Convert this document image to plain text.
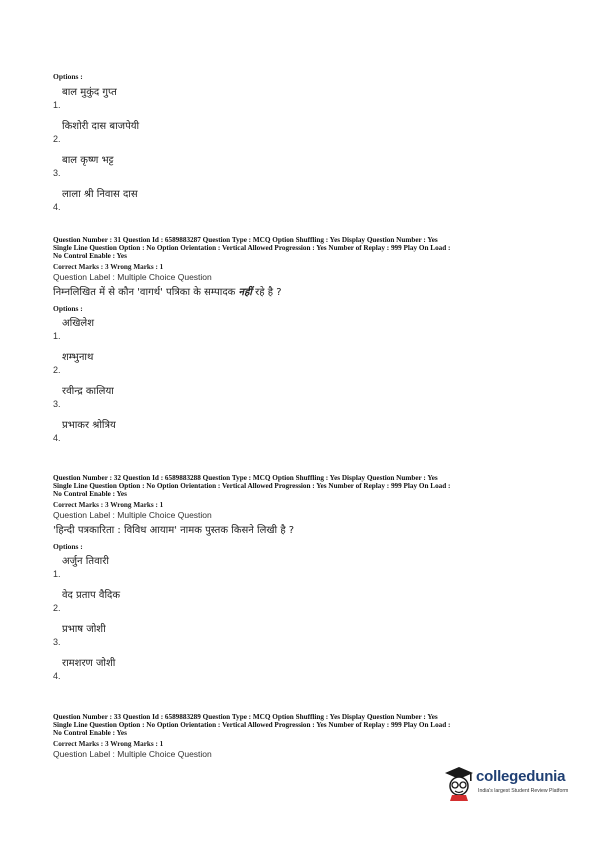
Options :
1.
बाल मुकुंद गुप्त
2.
किशोरी दास बाजपेयी
3.
बाल कृष्ण भट्ट
4.
लाला श्री निवास दास
Question Number : 31 Question Id : 6589883287 Question Type : MCQ Option Shuffling : Yes Display Question Number : Yes
Single Line Question Option : No Option Orientation : Vertical Allowed Progression : Yes Number of Replay : 999 Play On Load :
No Control Enable : Yes
Correct Marks : 3 Wrong Marks : 1
Question Label : Multiple Choice Question
निम्नलिखित में से कौन 'वागर्थ' पत्रिका के सम्पादक नहीं रहे है ?
Options :
1.
अखिलेश
2.
शम्भुनाथ
3.
रवीन्द्र कालिया
4.
प्रभाकर श्रोत्रिय
Question Number : 32 Question Id : 6589883288 Question Type : MCQ Option Shuffling : Yes Display Question Number : Yes
Single Line Question Option : No Option Orientation : Vertical Allowed Progression : Yes Number of Replay : 999 Play On Load :
No Control Enable : Yes
Correct Marks : 3 Wrong Marks : 1
Question Label : Multiple Choice Question
'हिन्दी पत्रकारिता : विविध आयाम' नामक पुस्तक किसने लिखी है ?
Options :
1.
अर्जुन तिवारी
2.
वेद प्रताप वैदिक
3.
प्रभाष जोशी
4.
रामशरण जोशी
Question Number : 33 Question Id : 6589883289 Question Type : MCQ Option Shuffling : Yes Display Question Number : Yes
Single Line Question Option : No Option Orientation : Vertical Allowed Progression : Yes Number of Replay : 999 Play On Load :
No Control Enable : Yes
Correct Marks : 3 Wrong Marks : 1
Question Label : Multiple Choice Question
collegedunia
India's largest Student Review Platform
